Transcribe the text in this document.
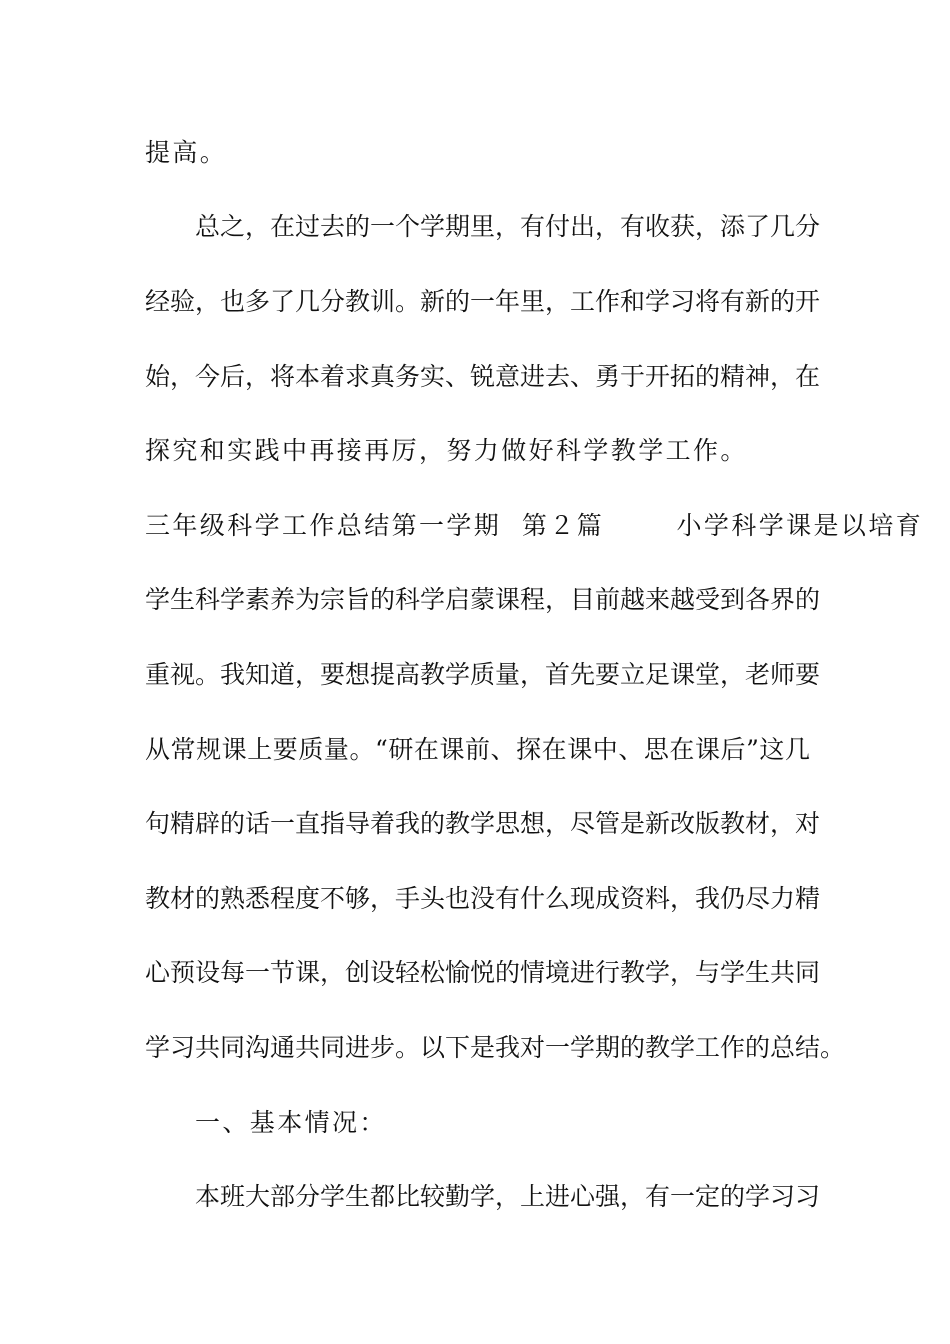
提高。
总之，在过去的一个学期里，有付出，有收获，添了几分
经验，也多了几分教训。新的一年里，工作和学习将有新的开
始，今后，将本着求真务实、锐意进去、勇于开拓的精神，在
探究和实践中再接再厉，努力做好科学教学工作。
三年级科学工作总结第一学期  第２篇       小学科学课是以培育
学生科学素养为宗旨的科学启蒙课程，目前越来越受到各界的
重视。我知道，要想提高教学质量，首先要立足课堂，老师要
从常规课上要质量。“研在课前、探在课中、思在课后”这几
句精辟的话一直指导着我的教学思想，尽管是新改版教材，对
教材的熟悉程度不够，手头也没有什么现成资料，我仍尽力精
心预设每一节课，创设轻松愉悦的情境进行教学，与学生共同
学习共同沟通共同进步。以下是我对一学期的教学工作的总结。
一、基本情况：
本班大部分学生都比较勤学，上进心强，有一定的学习习
